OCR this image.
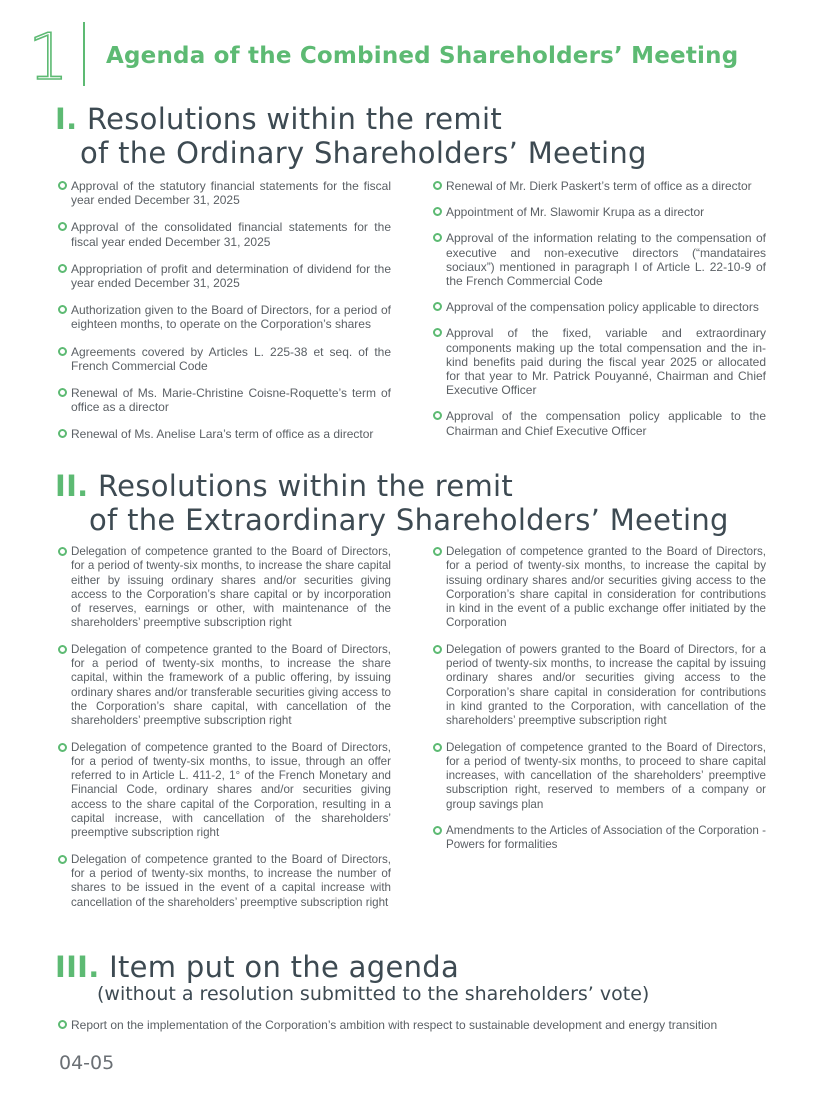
1 Agenda of the Combined Shareholders’ Meeting
I. Resolutions within the remit
of the Ordinary Shareholders’ Meeting
Approval of the statutory financial statements for the fiscal year ended December 31, 2025
Approval of the consolidated financial statements for the fiscal year ended December 31, 2025
Appropriation of profit and determination of dividend for the year ended December 31, 2025
Authorization given to the Board of Directors, for a period of eighteen months, to operate on the Corporation’s shares
Agreements covered by Articles L. 225-38 et seq. of the French Commercial Code
Renewal of Ms. Marie-Christine Coisne-Roquette’s term of office as a director
Renewal of Ms. Anelise Lara’s term of office as a director
Renewal of Mr. Dierk Paskert’s term of office as a director
Appointment of Mr. Slawomir Krupa as a director
Approval of the information relating to the compensation of executive and non-executive directors (“mandataires sociaux”) mentioned in paragraph I of Article L. 22-10-9 of the French Commercial Code
Approval of the compensation policy applicable to directors
Approval of the fixed, variable and extraordinary components making up the total compensation and the in-kind benefits paid during the fiscal year 2025 or allocated for that year to Mr. Patrick Pouyanné, Chairman and Chief Executive Officer
Approval of the compensation policy applicable to the Chairman and Chief Executive Officer
II. Resolutions within the remit
of the Extraordinary Shareholders’ Meeting
Delegation of competence granted to the Board of Directors, for a period of twenty-six months, to increase the share capital either by issuing ordinary shares and/or securities giving access to the Corporation’s share capital or by incorporation of reserves, earnings or other, with maintenance of the shareholders’ preemptive subscription right
Delegation of competence granted to the Board of Directors, for a period of twenty-six months, to increase the share capital, within the framework of a public offering, by issuing ordinary shares and/or transferable securities giving access to the Corporation’s share capital, with cancellation of the shareholders’ preemptive subscription right
Delegation of competence granted to the Board of Directors, for a period of twenty-six months, to issue, through an offer referred to in Article L. 411-2, 1° of the French Monetary and Financial Code, ordinary shares and/or securities giving access to the share capital of the Corporation, resulting in a capital increase, with cancellation of the shareholders’ preemptive subscription right
Delegation of competence granted to the Board of Directors, for a period of twenty-six months, to increase the number of shares to be issued in the event of a capital increase with cancellation of the shareholders’ preemptive subscription right
Delegation of competence granted to the Board of Directors, for a period of twenty-six months, to increase the capital by issuing ordinary shares and/or securities giving access to the Corporation’s share capital in consideration for contributions in kind in the event of a public exchange offer initiated by the Corporation
Delegation of powers granted to the Board of Directors, for a period of twenty-six months, to increase the capital by issuing ordinary shares and/or securities giving access to the Corporation’s share capital in consideration for contributions in kind granted to the Corporation, with cancellation of the shareholders’ preemptive subscription right
Delegation of competence granted to the Board of Directors, for a period of twenty-six months, to proceed to share capital increases, with cancellation of the shareholders’ preemptive subscription right, reserved to members of a company or group savings plan
Amendments to the Articles of Association of the Corporation - Powers for formalities
III. Item put on the agenda
(without a resolution submitted to the shareholders’ vote)
Report on the implementation of the Corporation’s ambition with respect to sustainable development and energy transition
04-05
